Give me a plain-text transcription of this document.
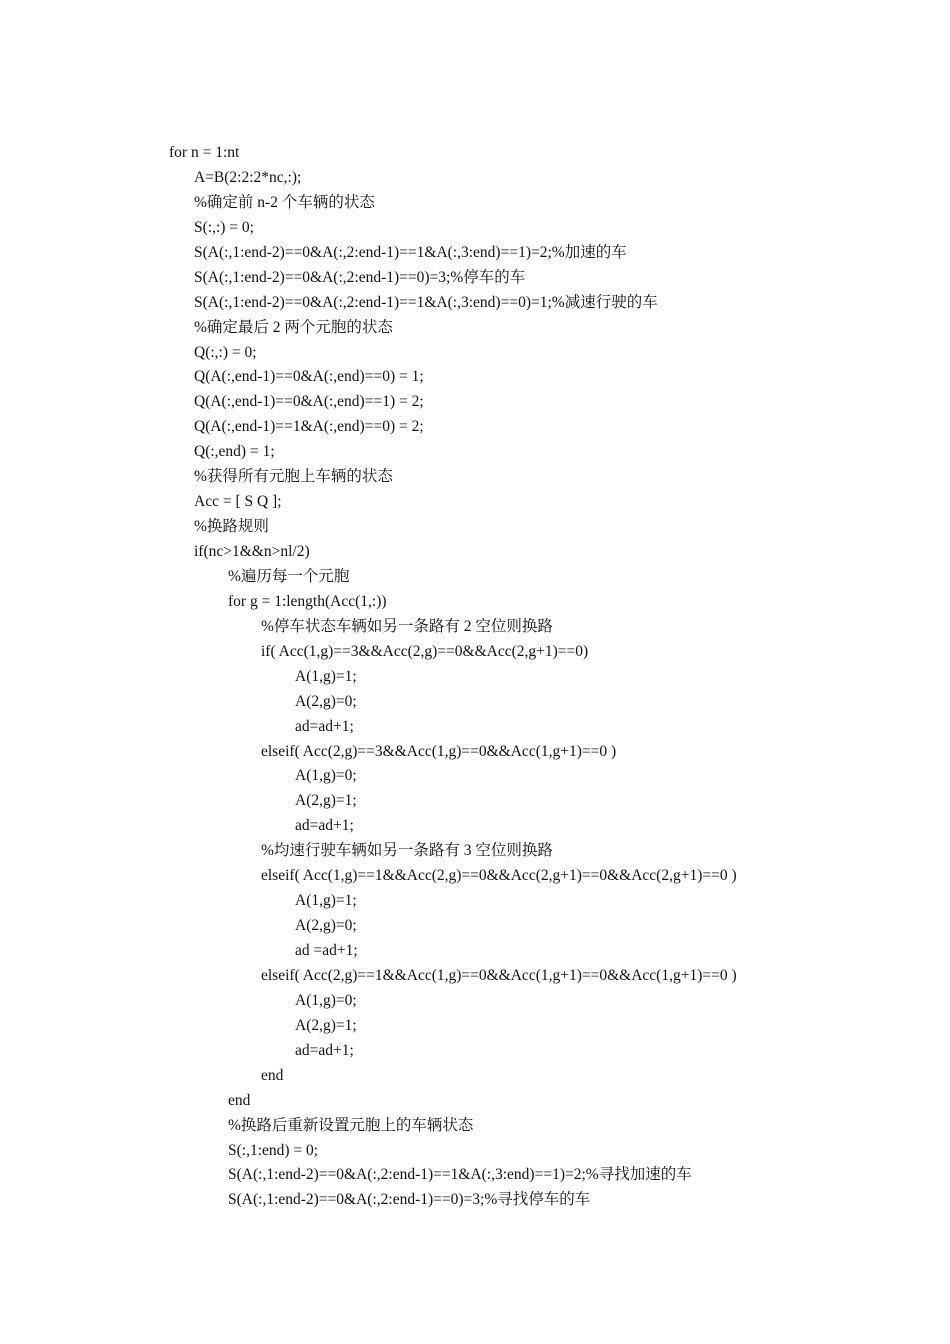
for n = 1:nt
A=B(2:2:2*nc,:);
%确定前 n-2 个车辆的状态
S(:,:) = 0;
S(A(:,1:end-2)==0&A(:,2:end-1)==1&A(:,3:end)==1)=2;%加速的车
S(A(:,1:end-2)==0&A(:,2:end-1)==0)=3;%停车的车
S(A(:,1:end-2)==0&A(:,2:end-1)==1&A(:,3:end)==0)=1;%减速行驶的车
%确定最后 2 两个元胞的状态
Q(:,:) = 0;
Q(A(:,end-1)==0&A(:,end)==0) = 1;
Q(A(:,end-1)==0&A(:,end)==1) = 2;
Q(A(:,end-1)==1&A(:,end)==0) = 2;
Q(:,end) = 1;
%获得所有元胞上车辆的状态
Acc = [ S Q ];
%换路规则
if(nc>1&&n>nl/2)
%遍历每一个元胞
for g = 1:length(Acc(1,:))
%停车状态车辆如另一条路有 2 空位则换路
if( Acc(1,g)==3&&Acc(2,g)==0&&Acc(2,g+1)==0)
A(1,g)=1;
A(2,g)=0;
ad=ad+1;
elseif( Acc(2,g)==3&&Acc(1,g)==0&&Acc(1,g+1)==0 )
A(1,g)=0;
A(2,g)=1;
ad=ad+1;
%均速行驶车辆如另一条路有 3 空位则换路
elseif( Acc(1,g)==1&&Acc(2,g)==0&&Acc(2,g+1)==0&&Acc(2,g+1)==0 )
A(1,g)=1;
A(2,g)=0;
ad =ad+1;
elseif( Acc(2,g)==1&&Acc(1,g)==0&&Acc(1,g+1)==0&&Acc(1,g+1)==0 )
A(1,g)=0;
A(2,g)=1;
ad=ad+1;
end
end
%换路后重新设置元胞上的车辆状态
S(:,1:end) = 0;
S(A(:,1:end-2)==0&A(:,2:end-1)==1&A(:,3:end)==1)=2;%寻找加速的车
S(A(:,1:end-2)==0&A(:,2:end-1)==0)=3;%寻找停车的车
